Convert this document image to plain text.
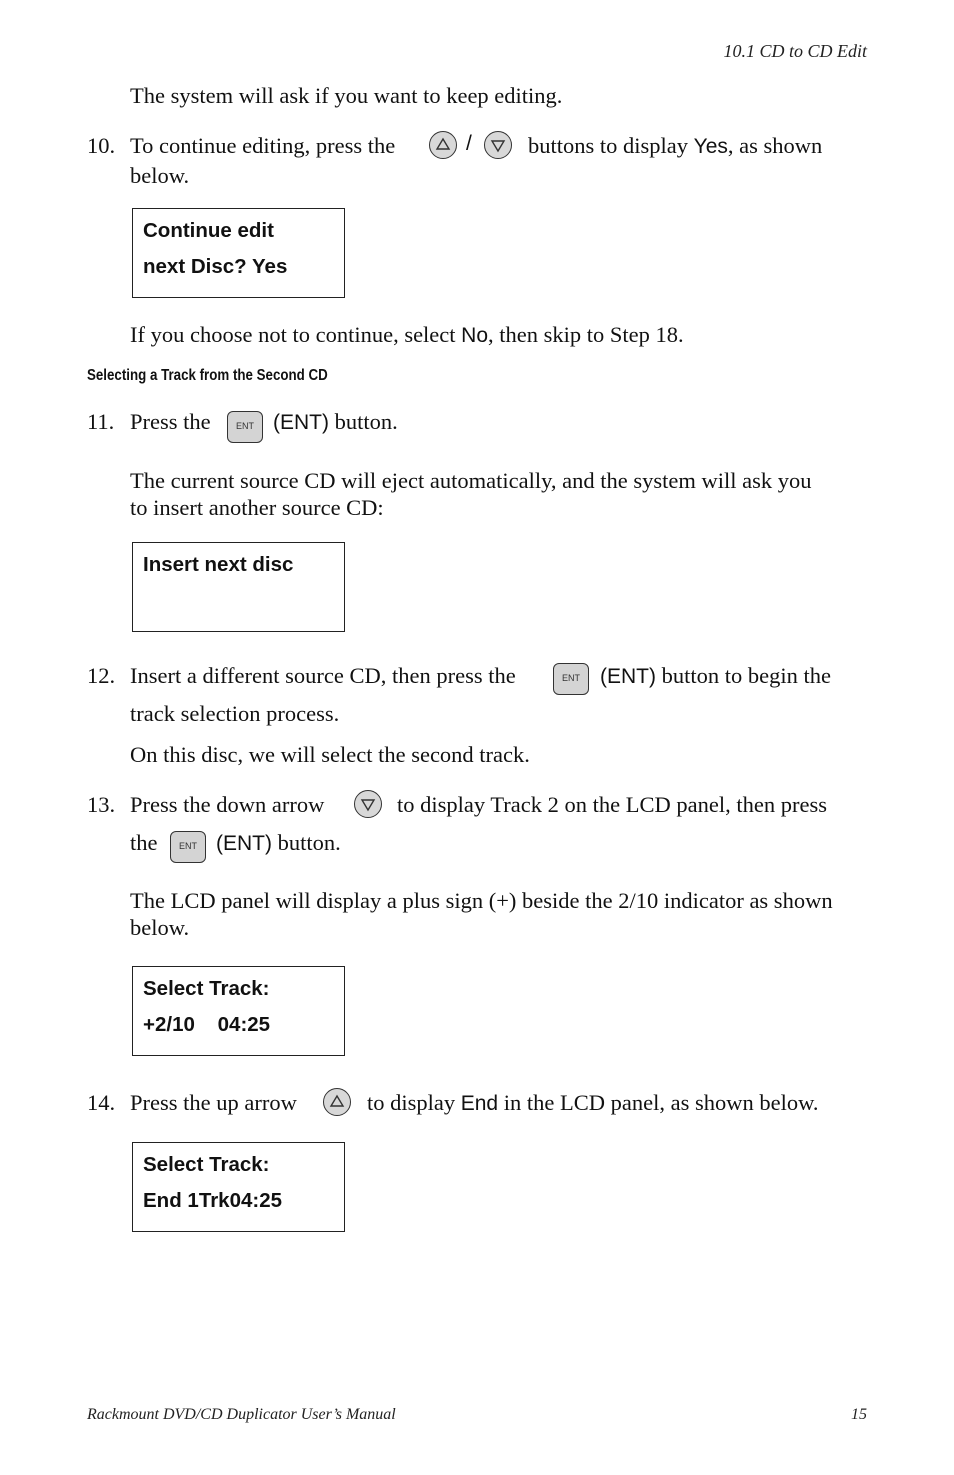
10.1 CD to CD Edit
The system will ask if you want to keep editing.
10. To continue editing, press the	/ buttons to display Yes, as shown
below.
Continue edit
next Disc? Yes
If you choose not to continue, select No, then skip to Step 18.
Selecting a Track from the Second CD
11. Press the	ENT (ENT) button.
The current source CD will eject automatically, and the system will ask you
to insert another source CD:
Insert next disc
12. Insert a different source CD, then press the	ENT (ENT) button to begin the
track selection process.
On this disc, we will select the second track.
13. Press the down arrow	to display Track 2 on the LCD panel, then press
the	ENT (ENT) button.
The LCD panel will display a plus sign (+) beside the 2/10 indicator as shown
below.
Select Track:
+2/10    04:25
14. Press the up arrow	to display End in the LCD panel, as shown below.
Select Track:
End 1Trk04:25
Rackmount DVD/CD Duplicator User’s Manual	15
